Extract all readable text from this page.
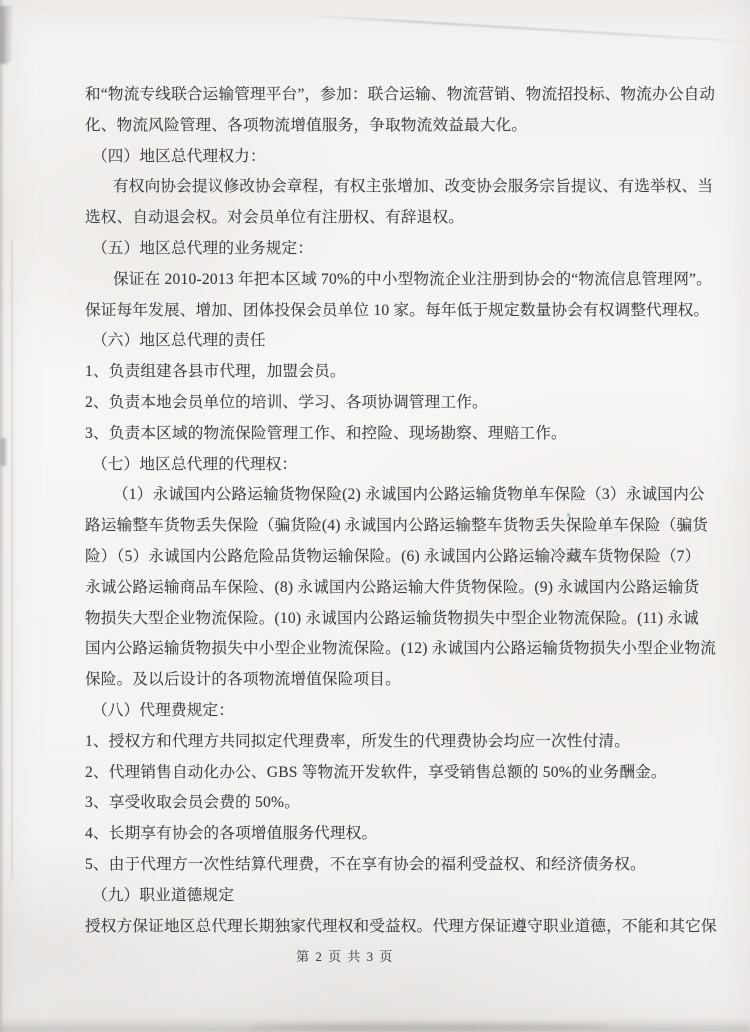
和“物流专线联合运输管理平台”，参加：联合运输、物流营销、物流招投标、物流办公自动
化、物流风险管理、各项物流增值服务，争取物流效益最大化。
（四）地区总代理权力：
有权向协会提议修改协会章程，有权主张增加、改变协会服务宗旨提议、有选举权、当
选权、自动退会权。对会员单位有注册权、有辞退权。
（五）地区总代理的业务规定：
保证在 2010-2013 年把本区域 70%的中小型物流企业注册到协会的“物流信息管理网”。
保证每年发展、增加、团体投保会员单位 10 家。每年低于规定数量协会有权调整代理权。
（六）地区总代理的责任
1、负责组建各县市代理，加盟会员。
2、负责本地会员单位的培训、学习、各项协调管理工作。
3、负责本区域的物流保险管理工作、和控险、现场勘察、理赔工作。
（七）地区总代理的代理权：
（1）永诚国内公路运输货物保险(2) 永诚国内公路运输货物单车保险（3）永诚国内公
路运输整车货物丢失保险（骗货险(4) 永诚国内公路运输整车货物丢失保险单车保险（骗货
险）（5）永诚国内公路危险品货物运输保险。(6) 永诚国内公路运输冷藏车货物保险（7）
永诚公路运输商品车保险、(8) 永诚国内公路运输大件货物保险。(9) 永诚国内公路运输货
物损失大型企业物流保险。(10) 永诚国内公路运输货物损失中型企业物流保险。(11) 永诚
国内公路运输货物损失中小型企业物流保险。(12) 永诚国内公路运输货物损失小型企业物流
保险。及以后设计的各项物流增值保险项目。
（八）代理费规定：
1、授权方和代理方共同拟定代理费率，所发生的代理费协会均应一次性付清。
2、代理销售自动化办公、GBS 等物流开发软件，享受销售总额的 50%的业务酬金。
3、享受收取会员会费的 50%。
4、长期享有协会的各项增值服务代理权。
5、由于代理方一次性结算代理费，不在享有协会的福利受益权、和经济债务权。
（九）职业道德规定
授权方保证地区总代理长期独家代理权和受益权。代理方保证遵守职业道德，不能和其它保
第 2 页 共 3 页
